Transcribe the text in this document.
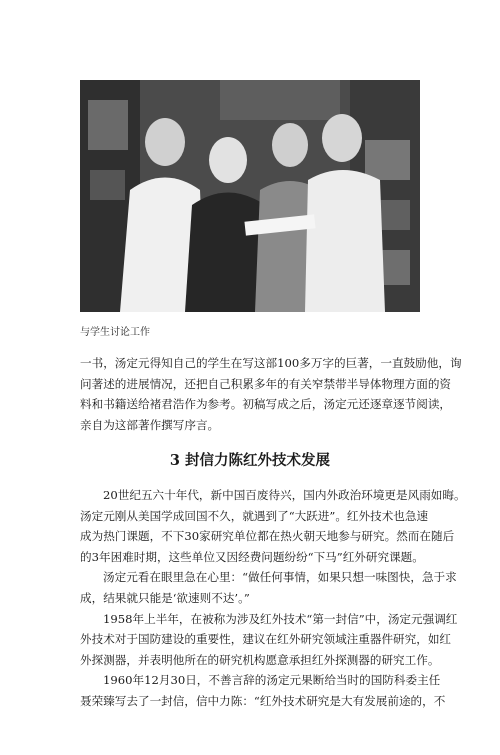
与学生讨论工作
一书，汤定元得知自己的学生在写这部100多万字的巨著，一直鼓励他，询
问著述的进展情况，还把自己积累多年的有关窄禁带半导体物理方面的资
料和书籍送给褚君浩作为参考。初稿写成之后，汤定元还逐章逐节阅读，
亲自为这部著作撰写序言。
3 封信力陈红外技术发展
20世纪五六十年代，新中国百废待兴，国内外政治环境更是风雨如晦。
汤定元刚从美国学成回国不久，就遇到了“大跃进”。红外技术也急速
成为热门课题，不下30家研究单位都在热火朝天地参与研究。然而在随后
的3年困难时期，这些单位又因经费问题纷纷“下马”红外研究课题。
汤定元看在眼里急在心里：“做任何事情，如果只想一味图快，急于求
成，结果就只能是‘欲速则不达’。”
1958年上半年，在被称为涉及红外技术“第一封信”中，汤定元强调红
外技术对于国防建设的重要性，建议在红外研究领域注重器件研究，如红
外探测器，并表明他所在的研究机构愿意承担红外探测器的研究工作。
1960年12月30日，不善言辞的汤定元果断给当时的国防科委主任
聂荣臻写去了一封信，信中力陈：“红外技术研究是大有发展前途的，不
